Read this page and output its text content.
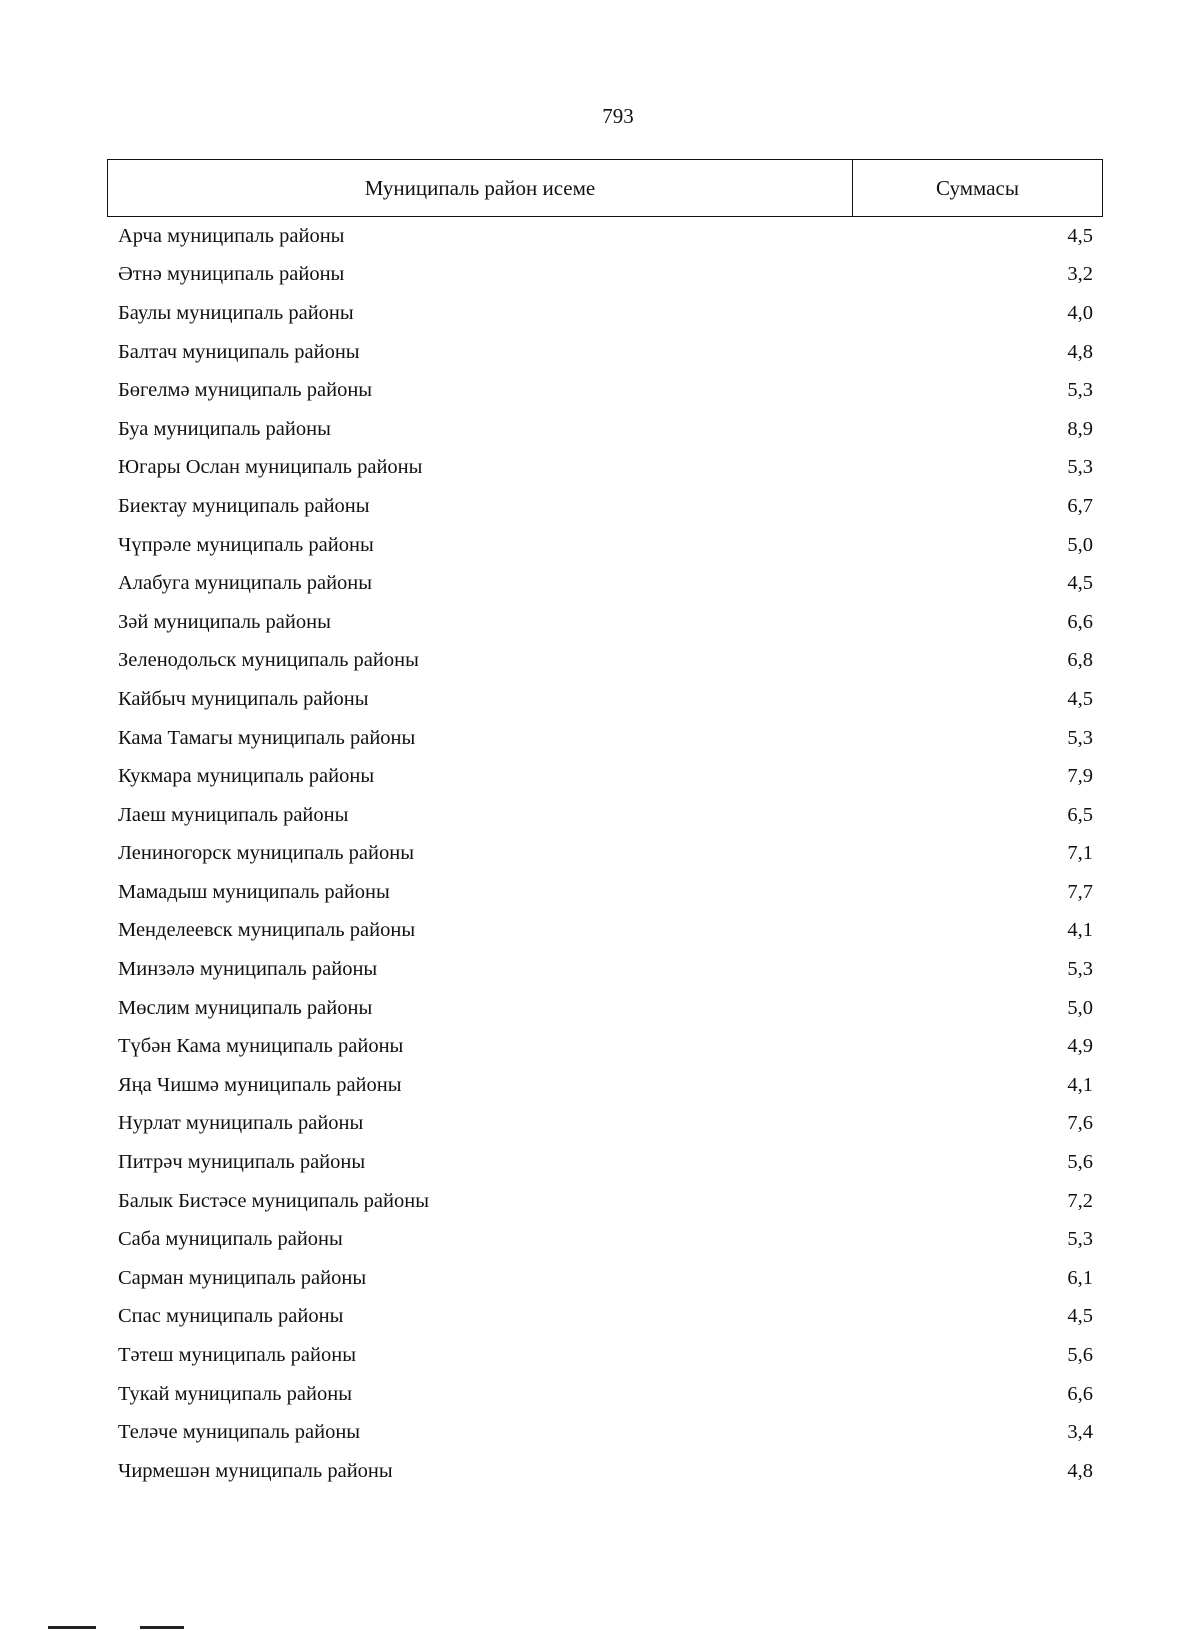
793
Муниципаль район исеме	Суммасы
Арча муниципаль районы	4,5
Әтнә муниципаль районы	3,2
Баулы муниципаль районы	4,0
Балтач муниципаль районы	4,8
Бөгелмә муниципаль районы	5,3
Буа муниципаль районы	8,9
Югары Ослан муниципаль районы	5,3
Биектау муниципаль районы	6,7
Чүпрәле муниципаль районы	5,0
Алабуга муниципаль районы	4,5
Зәй муниципаль районы	6,6
Зеленодольск муниципаль районы	6,8
Кайбыч муниципаль районы	4,5
Кама Тамагы муниципаль районы	5,3
Кукмара муниципаль районы	7,9
Лаеш муниципаль районы	6,5
Лениногорск муниципаль районы	7,1
Мамадыш муниципаль районы	7,7
Менделеевск муниципаль районы	4,1
Минзәлә муниципаль районы	5,3
Мөслим муниципаль районы	5,0
Түбән Кама муниципаль районы	4,9
Яңа Чишмә муниципаль районы	4,1
Нурлат муниципаль районы	7,6
Питрәч муниципаль районы	5,6
Балык Бистәсе муниципаль районы	7,2
Саба муниципаль районы	5,3
Сарман муниципаль районы	6,1
Спас муниципаль районы	4,5
Тәтеш муниципаль районы	5,6
Тукай муниципаль районы	6,6
Теләче муниципаль районы	3,4
Чирмешән муниципаль районы	4,8
